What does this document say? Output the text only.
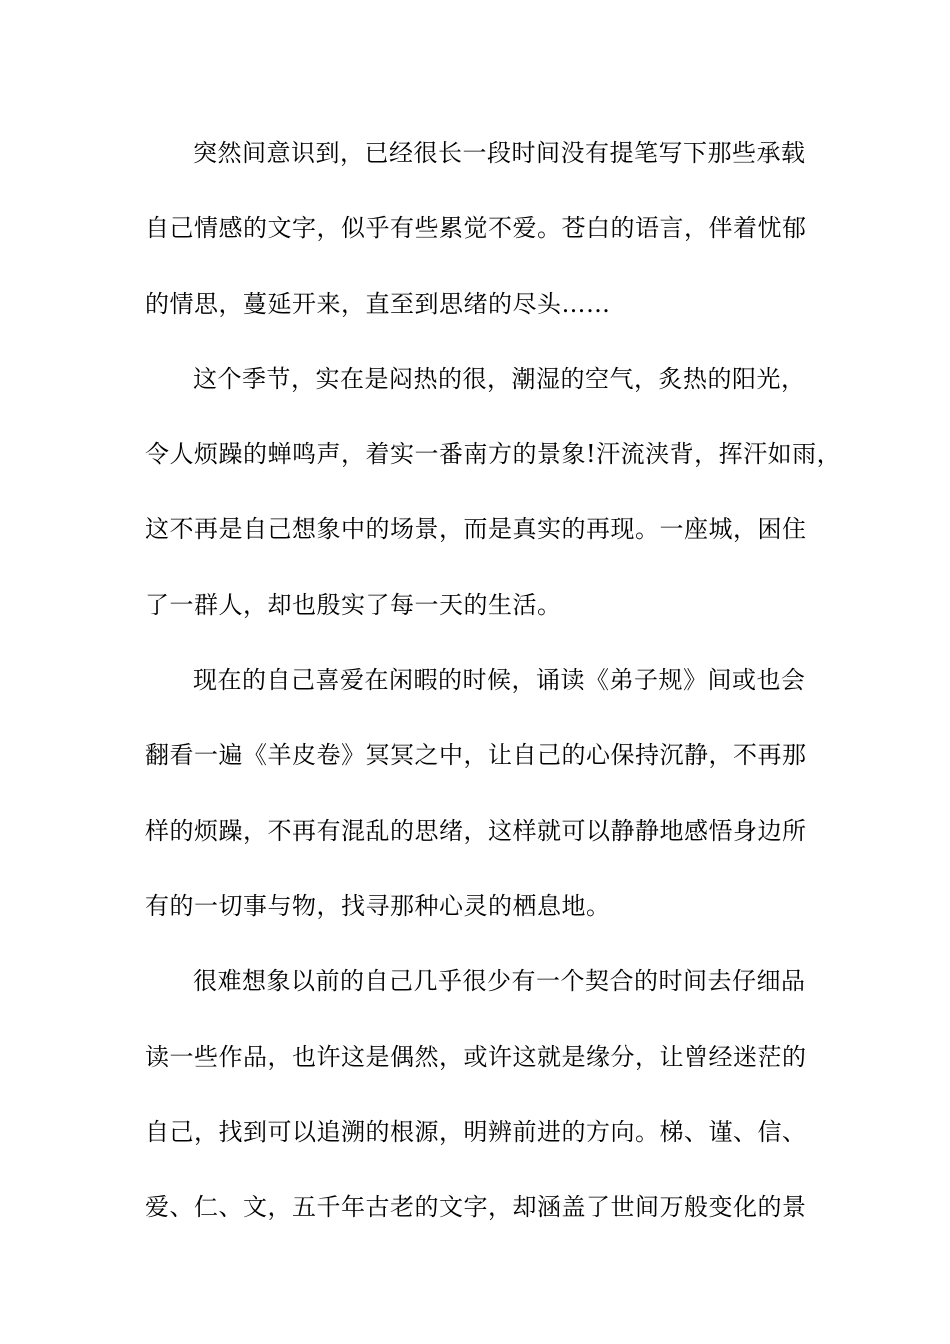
突然间意识到，已经很长一段时间没有提笔写下那些承载
自己情感的文字，似乎有些累觉不爱。苍白的语言，伴着忧郁
的情思，蔓延开来，直至到思绪的尽头……
这个季节，实在是闷热的很，潮湿的空气，炙热的阳光，
令人烦躁的蝉鸣声，着实一番南方的景象!汗流浃背，挥汗如雨，
这不再是自己想象中的场景，而是真实的再现。一座城，困住
了一群人，却也殷实了每一天的生活。
现在的自己喜爱在闲暇的时候，诵读《弟子规》间或也会
翻看一遍《羊皮卷》冥冥之中，让自己的心保持沉静，不再那
样的烦躁，不再有混乱的思绪，这样就可以静静地感悟身边所
有的一切事与物，找寻那种心灵的栖息地。
很难想象以前的自己几乎很少有一个契合的时间去仔细品
读一些作品，也许这是偶然，或许这就是缘分，让曾经迷茫的
自己，找到可以追溯的根源，明辨前进的方向。梯、谨、信、
爱、仁、文，五千年古老的文字，却涵盖了世间万般变化的景
